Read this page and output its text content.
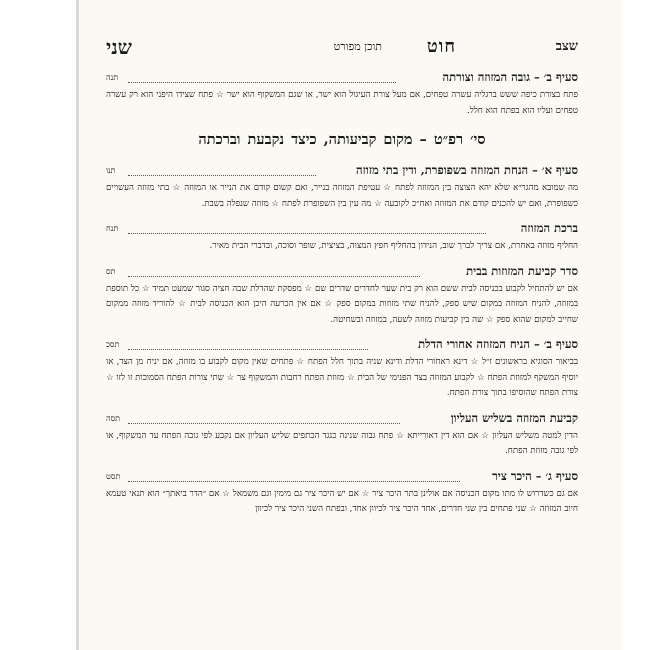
שצב
חוט
תוכן מפורט
שני
סעיף ב׳ – גובה המזוזה וצורתה
תנה

פתח בצורת כיפה ששש ברגליה עשרה טפחים, אם מעל צורת העיגול הוא ישר, או שגם המשקוף הוא ישר ☆ פתח שצידו היפני הוא רק עשרה טפחים ועליו הוא בפתח הוא חלל.

סי׳ רפ״ט – מקום קביעותה, כיצד נקבעת וברכתה
סעיף א׳ – הנחת המזוזה בשפופרת, ודין בתי מזוזה
תנו

מה שמובא מהגר״א שלא יהא הצוצה בין המזוזה לפתח ☆ עטיפת המזוזה בנייר, ואם קשום קודם את הנייר או המזוזה ☆ בתי מזוזה העשויים כשפופרת, ואם יש להכנים קודם את המזוזה ואח״כ לקובעה ☆ מה עין בין השפופרת לפתח ☆ מזוזה שנפלה בשבת.

ברכת המזוזה
תנח

החליף מזוזה באחרת, אם צריך לברך שוב, הנידון בהחליף חפץ המצוה, בציצית, שופר וסוכה, ובדברי הבית מאיר.

סדר קביעת המזוזות בבית
תס

אם יש להתחיל לקבוע בכניסה לבית ששם הוא רק בית שער לחדרים שדרים שם ☆ מפסקת שהדלת שבה חציה סגור שמעט תמיד ☆ כל תוספת במזוזה, להניח המזוזה במקום שיש ספק, להניח שתי מזוזות במקום ספק ☆ אם אין הכרעה היכן הוא הכניסה לבית ☆ להוריד מזוזה ממקום שחייב למקום שהוא ספק ☆ שה בין קביעות מזוזה לשעה, במזוזה ובשחיטה.

סעיף ב׳ – הניח המזוזה אחורי הדלת
תסכ

בביאור הסוגיא בראשונים ז״ל ☆ דינא ראחורי הדלת ודינא שניה בתוך חלל הפתח ☆ פתחים שאין מקום לקבוע בו מזוזה, אם יניח מן הצד, או יוסיף המשקף למזוזת הפתח ☆ לקבוע המזוזה בצד הפנימי של הבית ☆ מזוזת הפתח רחבות והמשקוף צר ☆ שתי צורות הפתח הסמוכות זו לזו ☆ צורת הפתח שהוסיפו בתוך צורת הפתח.

קביעת המזוזה בשליש העליון
תסה

הדין למטה משליש העליון ☆ אם הוא דין דאורייתא ☆ פתח גבוה שנינה כנגד הכתפים שליש העליון אם נקבע לפי גובה הפתח עד המשקוף, או לפי גובה מזוזת הפתח.

סעיף ג׳ – היכר ציר
תסט

אם גם כשדרוש לו מתו מקום הכניסה אם אולינן בתר היכר ציר ☆ אם יש היכר ציר גם מימין וגם משמאל ☆ אם ״הדר ביאתך״ הוא תנאי טעמא חיוב המזוזה ☆ שני פתחים בין שני חדרים, אחד היכר ציר לכיוון אחד, ובפתח השני היכר ציר לכיוון
